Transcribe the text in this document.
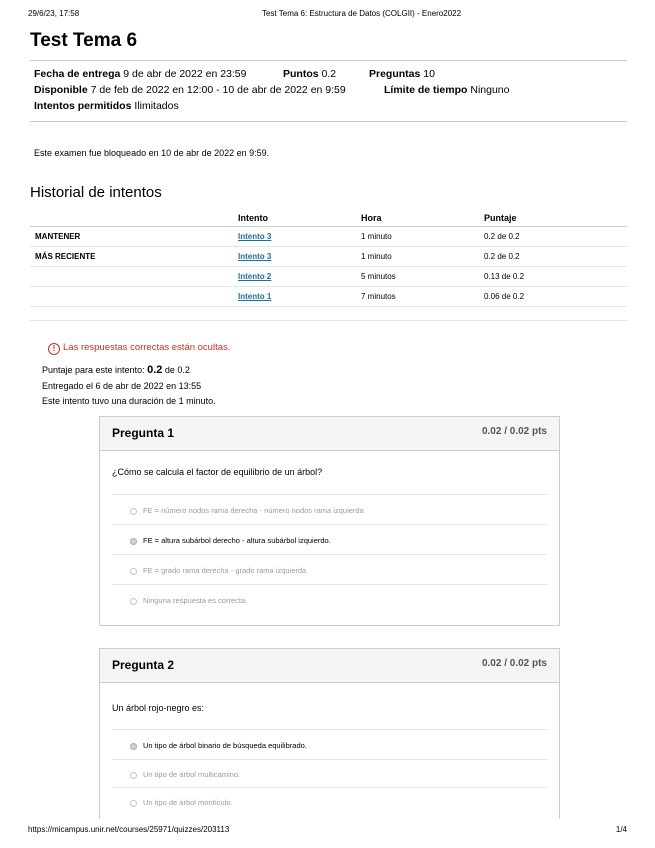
29/6/23, 17:58	Test Tema 6: Estructura de Datos (COLGII) - Enero2022
Test Tema 6
Fecha de entrega 9 de abr de 2022 en 23:59	Puntos 0.2	Preguntas 10
Disponible 7 de feb de 2022 en 12:00 - 10 de abr de 2022 en 9:59	Límite de tiempo Ninguno
Intentos permitidos Ilimitados
Este examen fue bloqueado en 10 de abr de 2022 en 9:59.
Historial de intentos
	Intento	Hora	Puntaje
MANTENER	Intento 3	1 minuto	0.2 de 0.2
MÁS RECIENTE	Intento 3	1 minuto	0.2 de 0.2
	Intento 2	5 minutos	0.13 de 0.2
	Intento 1	7 minutos	0.06 de 0.2
! Las respuestas correctas están ocultas.
Puntaje para este intento: 0.2 de 0.2
Entregado el 6 de abr de 2022 en 13:55
Este intento tuvo una duración de 1 minuto.
Pregunta 1	0.02 / 0.02 pts
¿Cómo se calcula el factor de equilibrio de un árbol?
FE = número nodos rama derecha - número nodos rama izquierda
FE = altura subárbol derecho - altura subárbol izquierdo.
FE = grado rama derecha - grado rama izquierda
Ninguna respuesta es correcta.
Pregunta 2	0.02 / 0.02 pts
Un árbol rojo-negro es:
Un tipo de árbol binario de búsqueda equilibrado.
Un tipo de árbol multicamino.
Un tipo de árbol montículo.
https://micampus.unir.net/courses/25971/quizzes/203113	1/4
